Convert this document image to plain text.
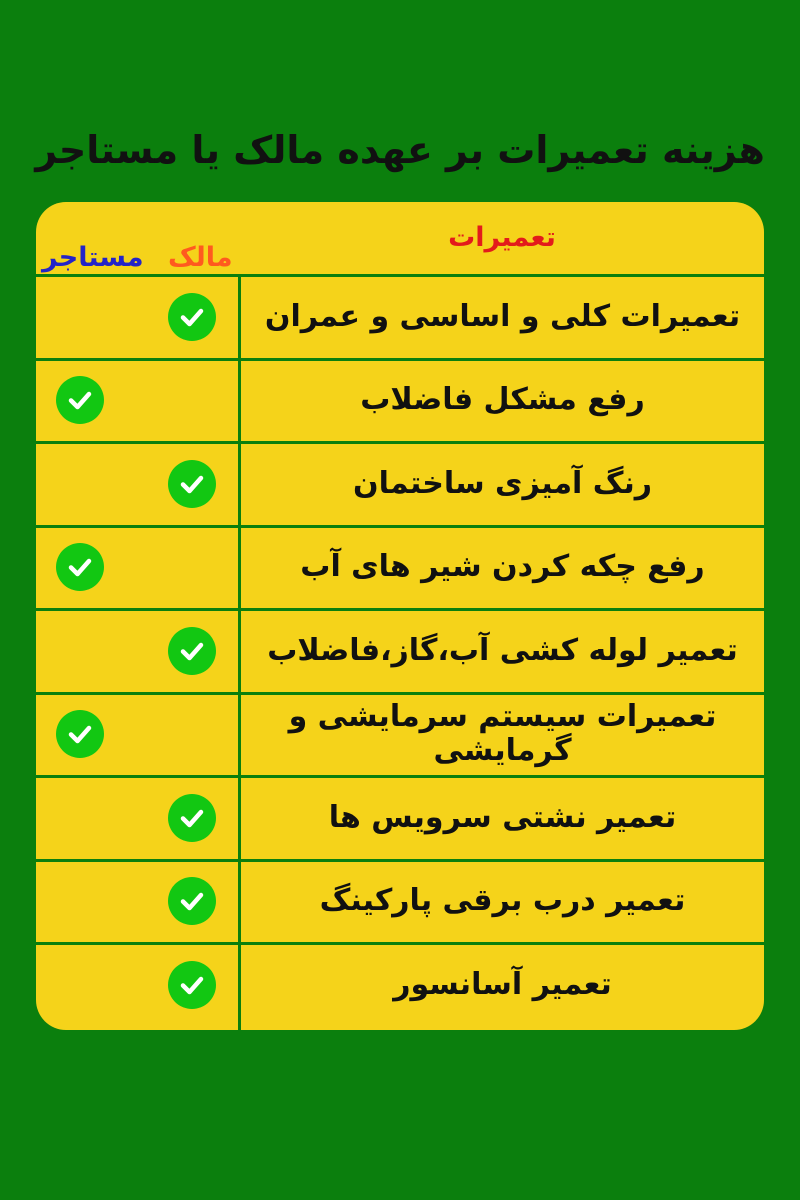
هزینه تعمیرات بر عهده مالک یا مستاجر
تعمیرات
مالک
مستاجر
تعمیرات کلی و اساسی و عمران
رفع مشکل فاضلاب
رنگ آمیزی ساختمان
رفع چکه کردن شیر های آب
تعمیر لوله کشی آب،گاز،فاضلاب
تعمیرات سیستم سرمایشی و گرمایشی
تعمیر نشتی سرویس ها
تعمیر درب برقی پارکینگ
تعمیر آسانسور
